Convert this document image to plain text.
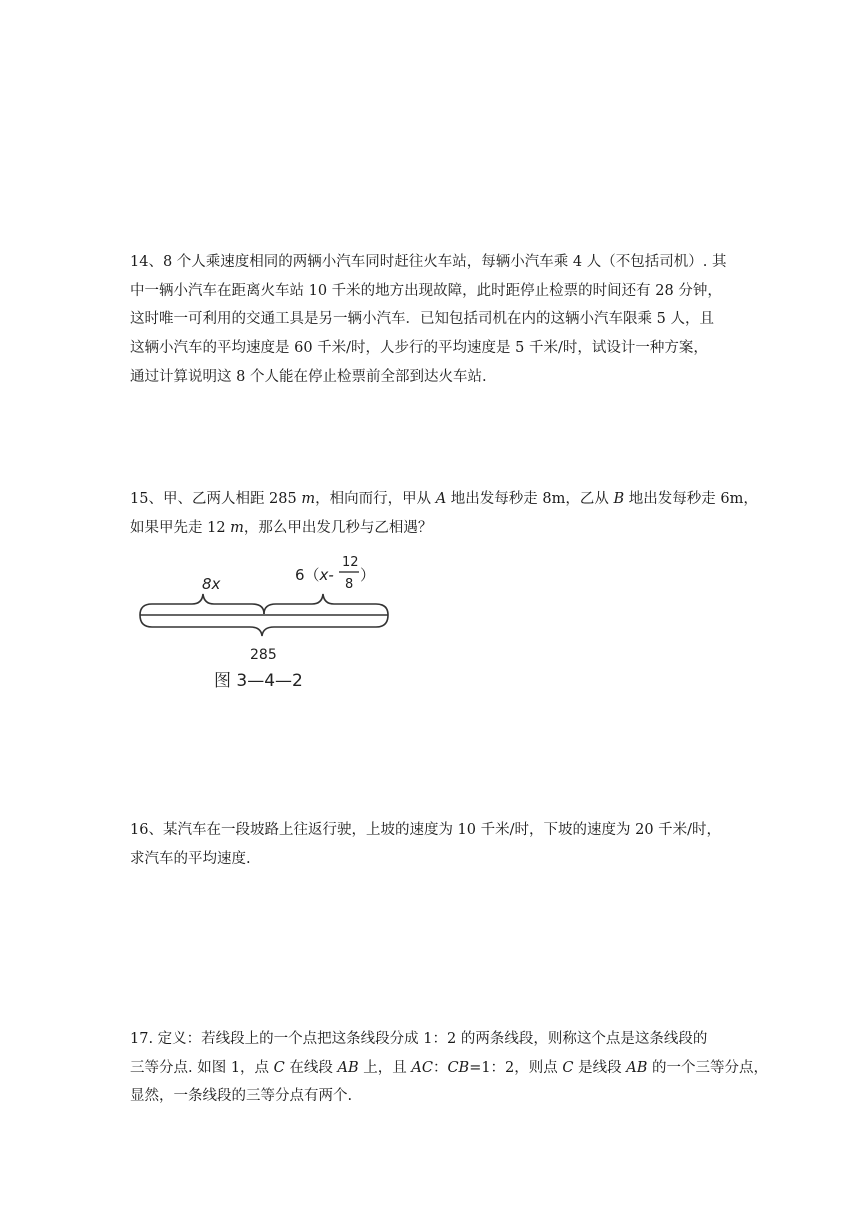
14、8 个人乘速度相同的两辆小汽车同时赶往火车站，每辆小汽车乘 4 人（不包括司机）. 其
中一辆小汽车在距离火车站 10 千米的地方出现故障，此时距停止检票的时间还有 28 分钟，
这时唯一可利用的交通工具是另一辆小汽车．已知包括司机在内的这辆小汽车限乘 5 人，且
这辆小汽车的平均速度是 60 千米/时，人步行的平均速度是 5 千米/时，试设计一种方案，
通过计算说明这 8 个人能在停止检票前全部到达火车站.
15、甲、乙两人相距 285 m，相向而行，甲从 A 地出发每秒走 8m，乙从 B 地出发每秒走 6m，
如果甲先走 12 m，那么甲出发几秒与乙相遇？
8x	6（x-
12
8
）
285
图 3—4—2
16、某汽车在一段坡路上往返行驶，上坡的速度为 10 千米/时，下坡的速度为 20 千米/时，
求汽车的平均速度.
17. 定义：若线段上的一个点把这条线段分成 1：2 的两条线段，则称这个点是这条线段的
三等分点. 如图 1，点 C 在线段 AB 上，且 AC：CB=1：2，则点 C 是线段 AB 的一个三等分点，
显然，一条线段的三等分点有两个.
